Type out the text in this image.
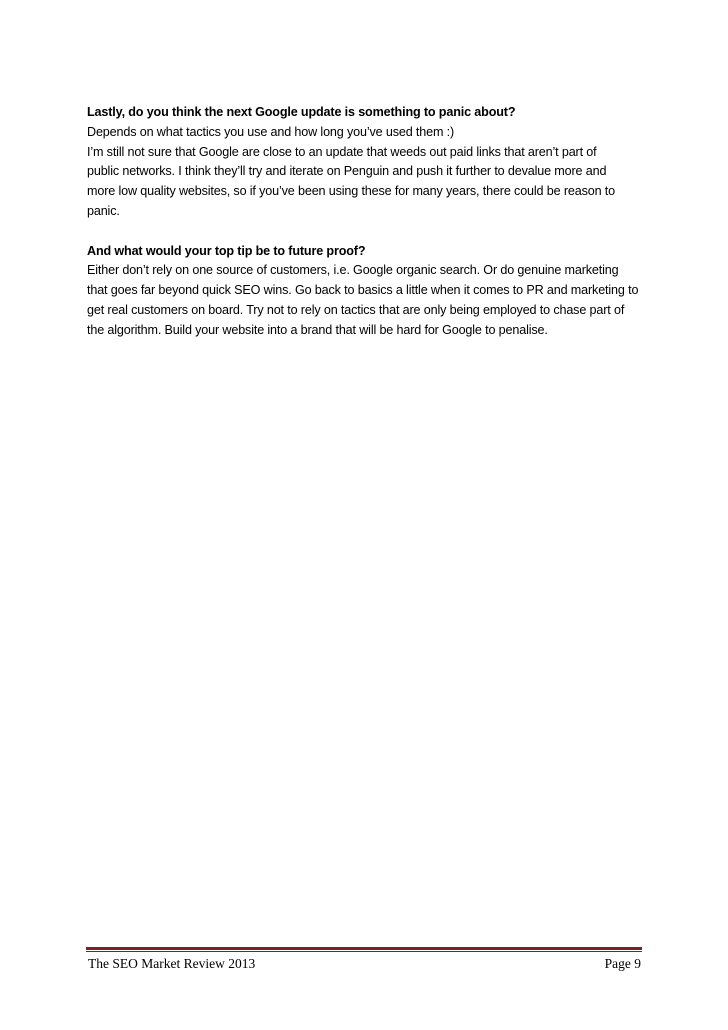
Lastly, do you think the next Google update is something to panic about?

Depends on what tactics you use and how long you’ve used them :)
I’m still not sure that Google are close to an update that weeds out paid links that aren’t part of
public networks. I think they’ll try and iterate on Penguin and push it further to devalue more and
more low quality websites, so if you’ve been using these for many years, there could be reason to
panic.

And what would your top tip be to future proof?

Either don’t rely on one source of customers, i.e. Google organic search. Or do genuine marketing
that goes far beyond quick SEO wins. Go back to basics a little when it comes to PR and marketing to
get real customers on board. Try not to rely on tactics that are only being employed to chase part of
the algorithm. Build your website into a brand that will be hard for Google to penalise.
The SEO Market Review 2013	Page 9
